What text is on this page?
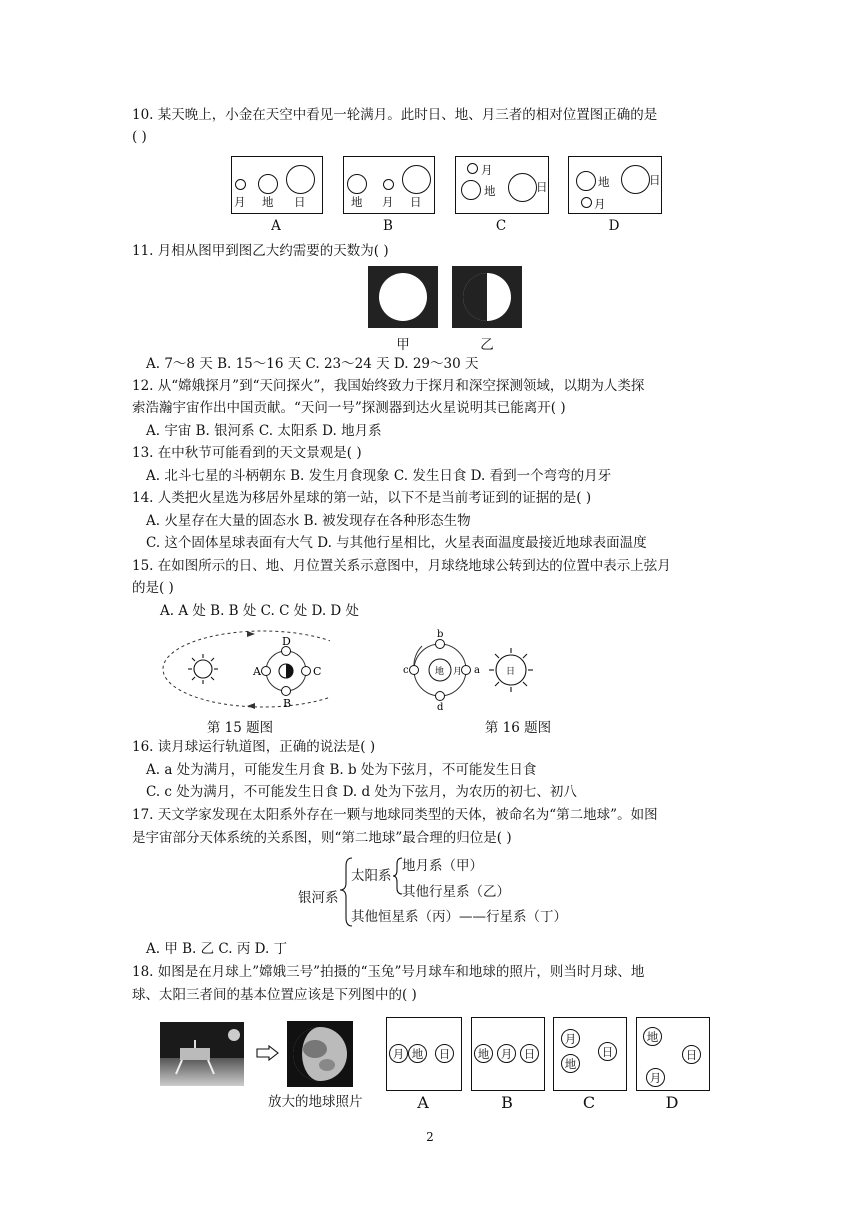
10. 某天晚上，小金在天空中看见一轮满月。此时日、地、月三者的相对位置图正确的是
( )
月 地 日
A
地 月 日
B
月
地	日
C
地
月
日
D
11. 月相从图甲到图乙大约需要的天数为( )
甲	乙
A. 7～8 天 B. 15～16 天 C. 23～24 天 D. 29～30 天
12. 从“嫦娥探月”到“天问探火”，我国始终致力于探月和深空探测领域，以期为人类探
索浩瀚宇宙作出中国贡献。“天问一号”探测器到达火星说明其已能离开( )
A. 宇宙 B. 银河系 C. 太阳系 D. 地月系
13. 在中秋节可能看到的天文景观是( )
A. 北斗七星的斗柄朝东 B. 发生月食现象 C. 发生日食 D. 看到一个弯弯的月牙
14. 人类把火星选为移居外星球的第一站，以下不是当前考证到的证据的是( )
A. 火星存在大量的固态水 B. 被发现存在各种形态生物
C. 这个固体星球表面有大气 D. 与其他行星相比，火星表面温度最接近地球表面温度
15. 在如图所示的日、地、月位置关系示意图中，月球绕地球公转到达的位置中表示上弦月
的是( )
A. A 处 B. B 处 C. C 处 D. D 处
A
B
C
D
第 15 题图
地
b
c	a
d
月	日
第 16 题图
16. 读月球运行轨道图，正确的说法是( )
A. a 处为满月，可能发生月食 B. b 处为下弦月，不可能发生日食
C. c 处为满月，不可能发生日食 D. d 处为下弦月，为农历的初七、初八
17. 天文学家发现在太阳系外存在一颗与地球同类型的天体，被命名为“第二地球”。如图
是宇宙部分天体系统的关系图，则“第二地球”最合理的归位是( )
银河系
太阳系
地月系（甲）
其他行星系（乙）
其他恒星系（丙）——行星系（丁）
A. 甲 B. 乙 C. 丙 D. 丁
18. 如图是在月球上”嫦娥三号”拍摄的“玉兔”号月球车和地球的照片，则当时月球、地
球、太阳三者间的基本位置应该是下列图中的( )
放大的地球照片
月 地	日
A
地	月	日
B
月
地
日
C
地
月
日
D
2
